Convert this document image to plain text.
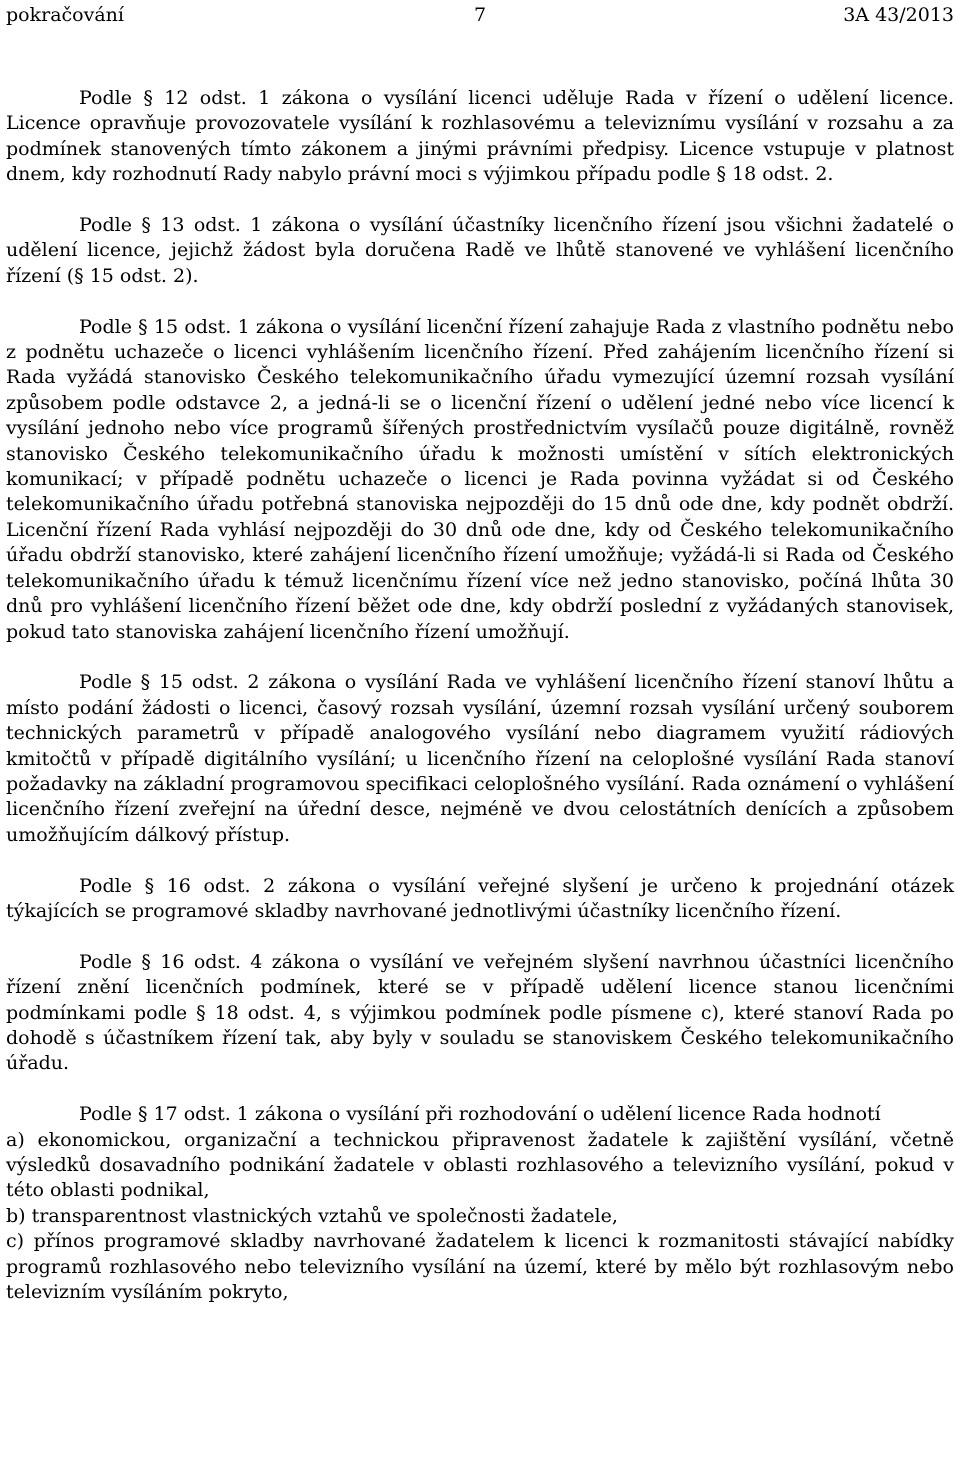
pokračování	7	3A 43/2013

Podle § 12 odst. 1 zákona o vysílání licenci uděluje Rada v řízení o udělení licence. Licence opravňuje provozovatele vysílání k rozhlasovému a televiznímu vysílání v rozsahu a za podmínek stanovených tímto zákonem a jinými právními předpisy. Licence vstupuje v platnost dnem, kdy rozhodnutí Rady nabylo právní moci s výjimkou případu podle § 18 odst. 2.

Podle § 13 odst. 1 zákona o vysílání účastníky licenčního řízení jsou všichni žadatelé o udělení licence, jejichž žádost byla doručena Radě ve lhůtě stanovené ve vyhlášení licenčního řízení (§ 15 odst. 2).

Podle § 15 odst. 1 zákona o vysílání licenční řízení zahajuje Rada z vlastního podnětu nebo z podnětu uchazeče o licenci vyhlášením licenčního řízení. Před zahájením licenčního řízení si Rada vyžádá stanovisko Českého telekomunikačního úřadu vymezující územní rozsah vysílání způsobem podle odstavce 2, a jedná-li se o licenční řízení o udělení jedné nebo více licencí k vysílání jednoho nebo více programů šířených prostřednictvím vysílačů pouze digitálně, rovněž stanovisko Českého telekomunikačního úřadu k možnosti umístění v sítích elektronických komunikací; v případě podnětu uchazeče o licenci je Rada povinna vyžádat si od Českého telekomunikačního úřadu potřebná stanoviska nejpozději do 15 dnů ode dne, kdy podnět obdrží. Licenční řízení Rada vyhlásí nejpozději do 30 dnů ode dne, kdy od Českého telekomunikačního úřadu obdrží stanovisko, které zahájení licenčního řízení umožňuje; vyžádá-li si Rada od Českého telekomunikačního úřadu k témuž licenčnímu řízení více než jedno stanovisko, počíná lhůta 30 dnů pro vyhlášení licenčního řízení běžet ode dne, kdy obdrží poslední z vyžádaných stanovisek, pokud tato stanoviska zahájení licenčního řízení umožňují.

Podle § 15 odst. 2 zákona o vysílání Rada ve vyhlášení licenčního řízení stanoví lhůtu a místo podání žádosti o licenci, časový rozsah vysílání, územní rozsah vysílání určený souborem technických parametrů v případě analogového vysílání nebo diagramem využití rádiových kmitočtů v případě digitálního vysílání; u licenčního řízení na celoplošné vysílání Rada stanoví požadavky na základní programovou specifikaci celoplošného vysílání. Rada oznámení o vyhlášení licenčního řízení zveřejní na úřední desce, nejméně ve dvou celostátních denících a způsobem umožňujícím dálkový přístup.

Podle § 16 odst. 2 zákona o vysílání veřejné slyšení je určeno k projednání otázek týkajících se programové skladby navrhované jednotlivými účastníky licenčního řízení.

Podle § 16 odst. 4 zákona o vysílání ve veřejném slyšení navrhnou účastníci licenčního řízení znění licenčních podmínek, které se v případě udělení licence stanou licenčními podmínkami podle § 18 odst. 4, s výjimkou podmínek podle písmene c), které stanoví Rada po dohodě s účastníkem řízení tak, aby byly v souladu se stanoviskem Českého telekomunikačního úřadu.

Podle § 17 odst. 1 zákona o vysílání při rozhodování o udělení licence Rada hodnotí

a) ekonomickou, organizační a technickou připravenost žadatele k zajištění vysílání, včetně výsledků dosavadního podnikání žadatele v oblasti rozhlasového a televizního vysílání, pokud v této oblasti podnikal,

b) transparentnost vlastnických vztahů ve společnosti žadatele,

c) přínos programové skladby navrhované žadatelem k licenci k rozmanitosti stávající nabídky programů rozhlasového nebo televizního vysílání na území, které by mělo být rozhlasovým nebo televizním vysíláním pokryto,
